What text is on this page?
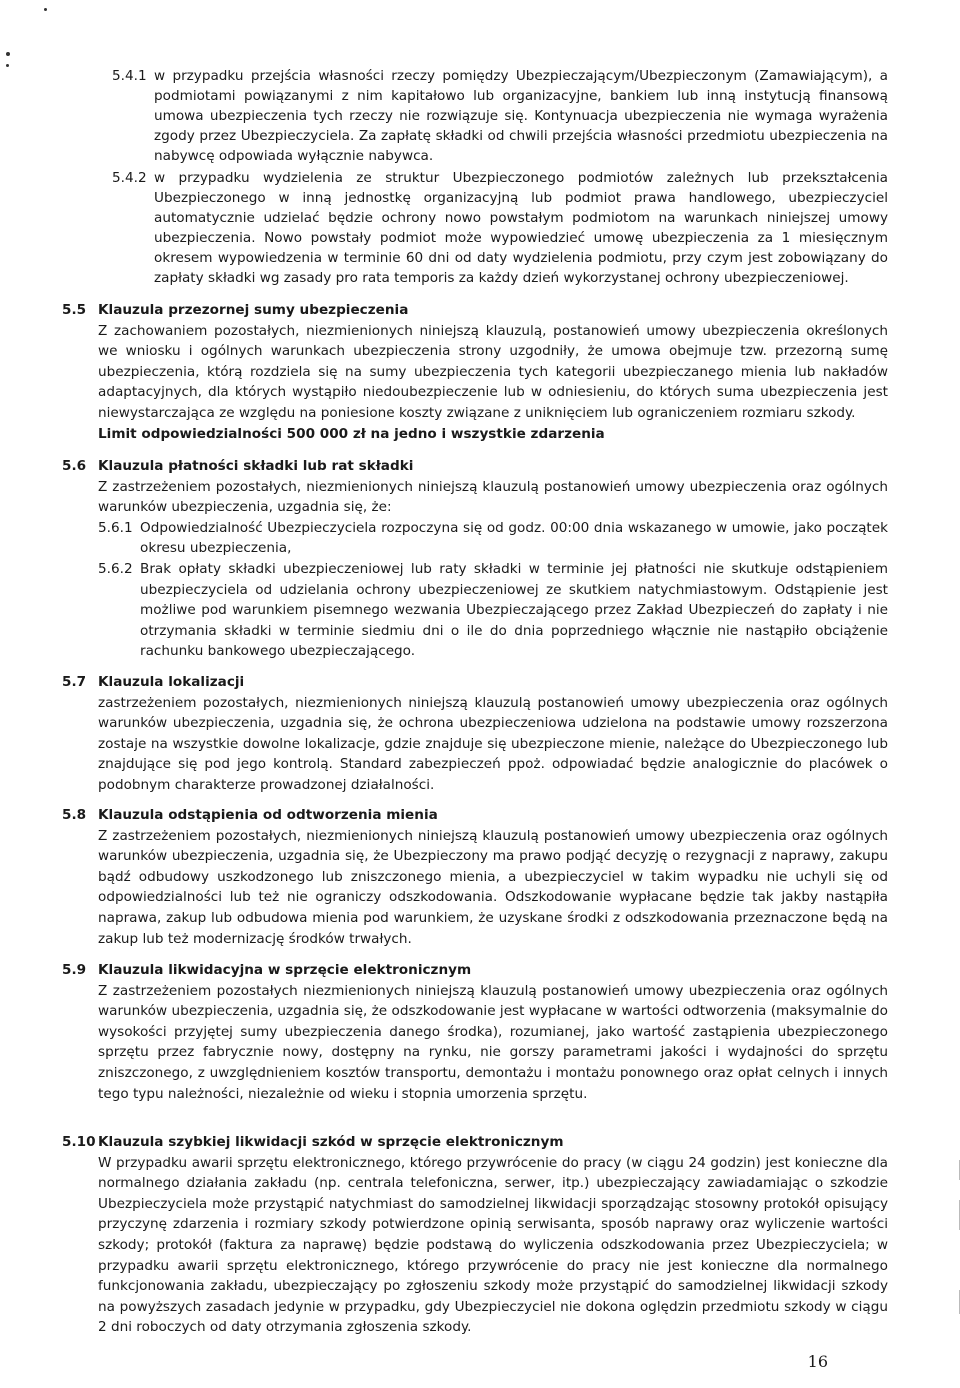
5.4.1 w przypadku przejścia własności rzeczy pomiędzy Ubezpieczającym/Ubezpieczonym (Zamawiającym), a podmiotami powiązanymi z nim kapitałowo lub organizacyjne, bankiem lub inną instytucją finansową umowa ubezpieczenia tych rzeczy nie rozwiązuje się. Kontynuacja ubezpieczenia nie wymaga wyrażenia zgody przez Ubezpieczyciela. Za zapłatę składki od chwili przejścia własności przedmiotu ubezpieczenia na nabywcę odpowiada wyłącznie nabywca.
5.4.2 w przypadku wydzielenia ze struktur Ubezpieczonego podmiotów zależnych lub przekształcenia Ubezpieczonego w inną jednostkę organizacyjną lub podmiot prawa handlowego, ubezpieczyciel automatycznie udzielać będzie ochrony nowo powstałym podmiotom na warunkach niniejszej umowy ubezpieczenia. Nowo powstały podmiot może wypowiedzieć umowę ubezpieczenia za 1 miesięcznym okresem wypowiedzenia w terminie 60 dni od daty wydzielenia podmiotu, przy czym jest zobowiązany do zapłaty składki wg zasady pro rata temporis za każdy dzień wykorzystanej ochrony ubezpieczeniowej.
5.5 Klauzula przezornej sumy ubezpieczenia
Z zachowaniem pozostałych, niezmienionych niniejszą klauzulą, postanowień umowy ubezpieczenia określonych we wniosku i ogólnych warunkach ubezpieczenia strony uzgodniły, że umowa obejmuje tzw. przezorną sumę ubezpieczenia, którą rozdziela się na sumy ubezpieczenia tych kategorii ubezpieczanego mienia lub nakładów adaptacyjnych, dla których wystąpiło niedoubezpieczenie lub w odniesieniu, do których suma ubezpieczenia jest niewystarczająca ze względu na poniesione koszty związane z uniknięciem lub ograniczeniem rozmiaru szkody.
Limit odpowiedzialności 500 000 zł na jedno i wszystkie zdarzenia
5.6 Klauzula płatności składki lub rat składki
Z zastrzeżeniem pozostałych, niezmienionych niniejszą klauzulą postanowień umowy ubezpieczenia oraz ogólnych warunków ubezpieczenia, uzgadnia się, że:
5.6.1 Odpowiedzialność Ubezpieczyciela rozpoczyna się od godz. 00:00 dnia wskazanego w umowie, jako początek okresu ubezpieczenia,
5.6.2 Brak opłaty składki ubezpieczeniowej lub raty składki w terminie jej płatności nie skutkuje odstąpieniem ubezpieczyciela od udzielania ochrony ubezpieczeniowej ze skutkiem natychmiastowym. Odstąpienie jest możliwe pod warunkiem pisemnego wezwania Ubezpieczającego przez Zakład Ubezpieczeń do zapłaty i nie otrzymania składki w terminie siedmiu dni o ile do dnia poprzedniego włącznie nie nastąpiło obciążenie rachunku bankowego ubezpieczającego.
5.7 Klauzula lokalizacji
zastrzeżeniem pozostałych, niezmienionych niniejszą klauzulą postanowień umowy ubezpieczenia oraz ogólnych warunków ubezpieczenia, uzgadnia się, że ochrona ubezpieczeniowa udzielona na podstawie umowy rozszerzona zostaje na wszystkie dowolne lokalizacje, gdzie znajduje się ubezpieczone mienie, należące do Ubezpieczonego lub znajdujące się pod jego kontrolą. Standard zabezpieczeń ppoż. odpowiadać będzie analogicznie do placówek o podobnym charakterze prowadzonej działalności.
5.8 Klauzula odstąpienia od odtworzenia mienia
Z zastrzeżeniem pozostałych, niezmienionych niniejszą klauzulą postanowień umowy ubezpieczenia oraz ogólnych warunków ubezpieczenia, uzgadnia się, że Ubezpieczony ma prawo podjąć decyzję o rezygnacji z naprawy, zakupu bądź odbudowy uszkodzonego lub zniszczonego mienia, a ubezpieczyciel w takim wypadku nie uchyli się od odpowiedzialności lub też nie ograniczy odszkodowania. Odszkodowanie wypłacane będzie tak jakby nastąpiła naprawa, zakup lub odbudowa mienia pod warunkiem, że uzyskane środki z odszkodowania przeznaczone będą na zakup lub też modernizację środków trwałych.
5.9 Klauzula likwidacyjna w sprzęcie elektronicznym
Z zastrzeżeniem pozostałych niezmienionych niniejszą klauzulą postanowień umowy ubezpieczenia oraz ogólnych warunków ubezpieczenia, uzgadnia się, że odszkodowanie jest wypłacane w wartości odtworzenia (maksymalnie do wysokości przyjętej sumy ubezpieczenia danego środka), rozumianej, jako wartość zastąpienia ubezpieczonego sprzętu przez fabrycznie nowy, dostępny na rynku, nie gorszy parametrami jakości i wydajności do sprzętu zniszczonego, z uwzględnieniem kosztów transportu, demontażu i montażu ponownego oraz opłat celnych i innych tego typu należności, niezależnie od wieku i stopnia umorzenia sprzętu.
5.10 Klauzula szybkiej likwidacji szkód w sprzęcie elektronicznym
W przypadku awarii sprzętu elektronicznego, którego przywrócenie do pracy (w ciągu 24 godzin) jest konieczne dla normalnego działania zakładu (np. centrala telefoniczna, serwer, itp.) ubezpieczający zawiadamiając o szkodzie Ubezpieczyciela może przystąpić natychmiast do samodzielnej likwidacji sporządzając stosowny protokół opisujący przyczynę zdarzenia i rozmiary szkody potwierdzone opinią serwisanta, sposób naprawy oraz wyliczenie wartości szkody; protokół (faktura za naprawę) będzie podstawą do wyliczenia odszkodowania przez Ubezpieczyciela; w przypadku awarii sprzętu elektronicznego, którego przywrócenie do pracy nie jest konieczne dla normalnego funkcjonowania zakładu, ubezpieczający po zgłoszeniu szkody może przystąpić do samodzielnej likwidacji szkody na powyższych zasadach jedynie w przypadku, gdy Ubezpieczyciel nie dokona oględzin przedmiotu szkody w ciągu 2 dni roboczych od daty otrzymania zgłoszenia szkody.
16
